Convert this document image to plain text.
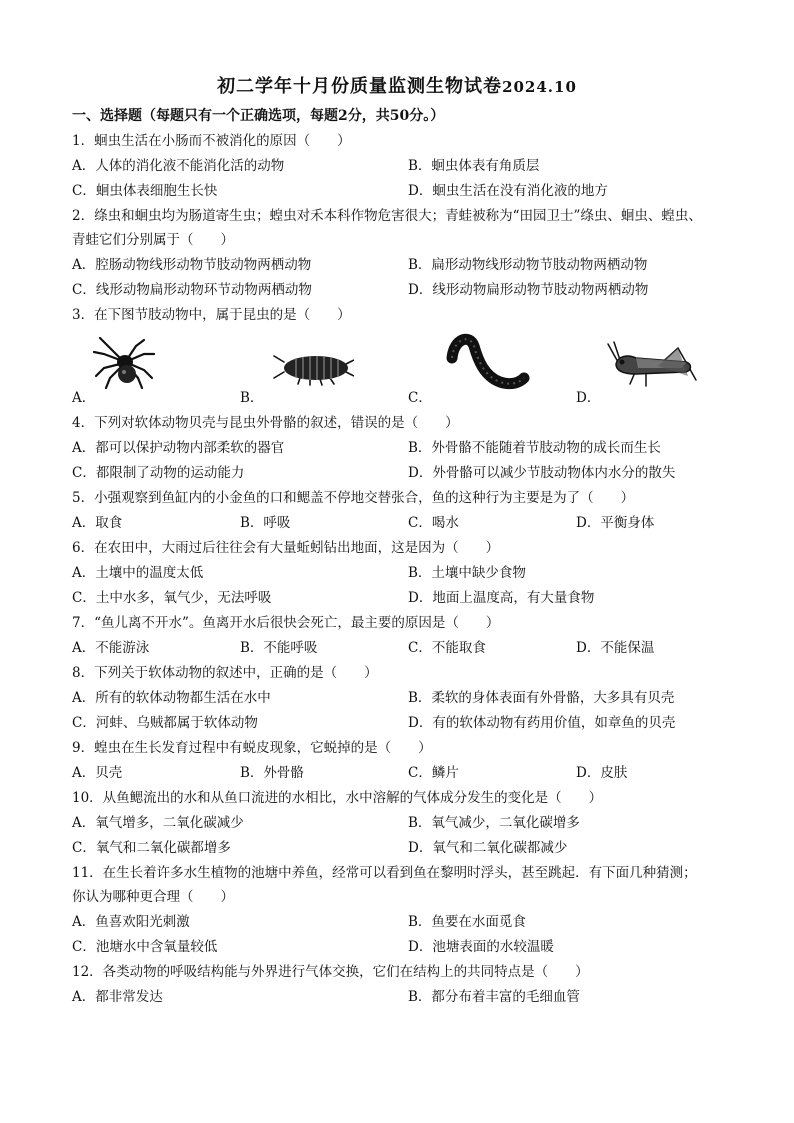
初二学年十月份质量监测生物试卷2024.10
一、选择题（每题只有一个正确选项，每题2分，共50分。）
1．蛔虫生活在小肠而不被消化的原因（　　）
A．人体的消化液不能消化活的动物	B．蛔虫体表有角质层
C．蛔虫体表细胞生长快	D．蛔虫生活在没有消化液的地方
2．绦虫和蛔虫均为肠道寄生虫；蝗虫对禾本科作物危害很大；青蛙被称为“田园卫士”绦虫、蛔虫、蝗虫、
青蛙它们分别属于（　　）
A．腔肠动物线形动物节肢动物两栖动物	B．扁形动物线形动物节肢动物两栖动物
C．线形动物扁形动物环节动物两栖动物	D．线形动物扁形动物节肢动物两栖动物
3．在下图节肢动物中，属于昆虫的是（　　）
A．	B．	C．	D．
4．下列对软体动物贝壳与昆虫外骨骼的叙述，错误的是（　　）
A．都可以保护动物内部柔软的器官	B．外骨骼不能随着节肢动物的成长而生长
C．都限制了动物的运动能力	D．外骨骼可以减少节肢动物体内水分的散失
5．小强观察到鱼缸内的小金鱼的口和鳃盖不停地交替张合，鱼的这种行为主要是为了（　　）
A．取食	B．呼吸	C．喝水	D．平衡身体
6．在农田中，大雨过后往往会有大量蚯蚓钻出地面，这是因为（　　）
A．土壤中的温度太低	B．土壤中缺少食物
C．土中水多，氧气少，无法呼吸	D．地面上温度高，有大量食物
7．“鱼儿离不开水”。鱼离开水后很快会死亡，最主要的原因是（　　）
A．不能游泳	B．不能呼吸	C．不能取食	D．不能保温
8．下列关于软体动物的叙述中，正确的是（　　）
A．所有的软体动物都生活在水中	B．柔软的身体表面有外骨骼，大多具有贝壳
C．河蚌、乌贼都属于软体动物	D．有的软体动物有药用价值，如章鱼的贝壳
9．蝗虫在生长发育过程中有蜕皮现象，它蜕掉的是（　　）
A．贝壳	B．外骨骼	C．鳞片	D．皮肤
10．从鱼鳃流出的水和从鱼口流进的水相比，水中溶解的气体成分发生的变化是（　　）
A．氧气增多，二氧化碳减少	B．氧气减少，二氧化碳增多
C．氧气和二氧化碳都增多	D．氧气和二氧化碳都减少
11．在生长着许多水生植物的池塘中养鱼，经常可以看到鱼在黎明时浮头，甚至跳起．有下面几种猜测；
你认为哪种更合理（　　）
A．鱼喜欢阳光刺激	B．鱼要在水面觅食
C．池塘水中含氧量较低	D．池塘表面的水较温暖
12．各类动物的呼吸结构能与外界进行气体交换，它们在结构上的共同特点是（　　）
A．都非常发达	B．都分布着丰富的毛细血管
